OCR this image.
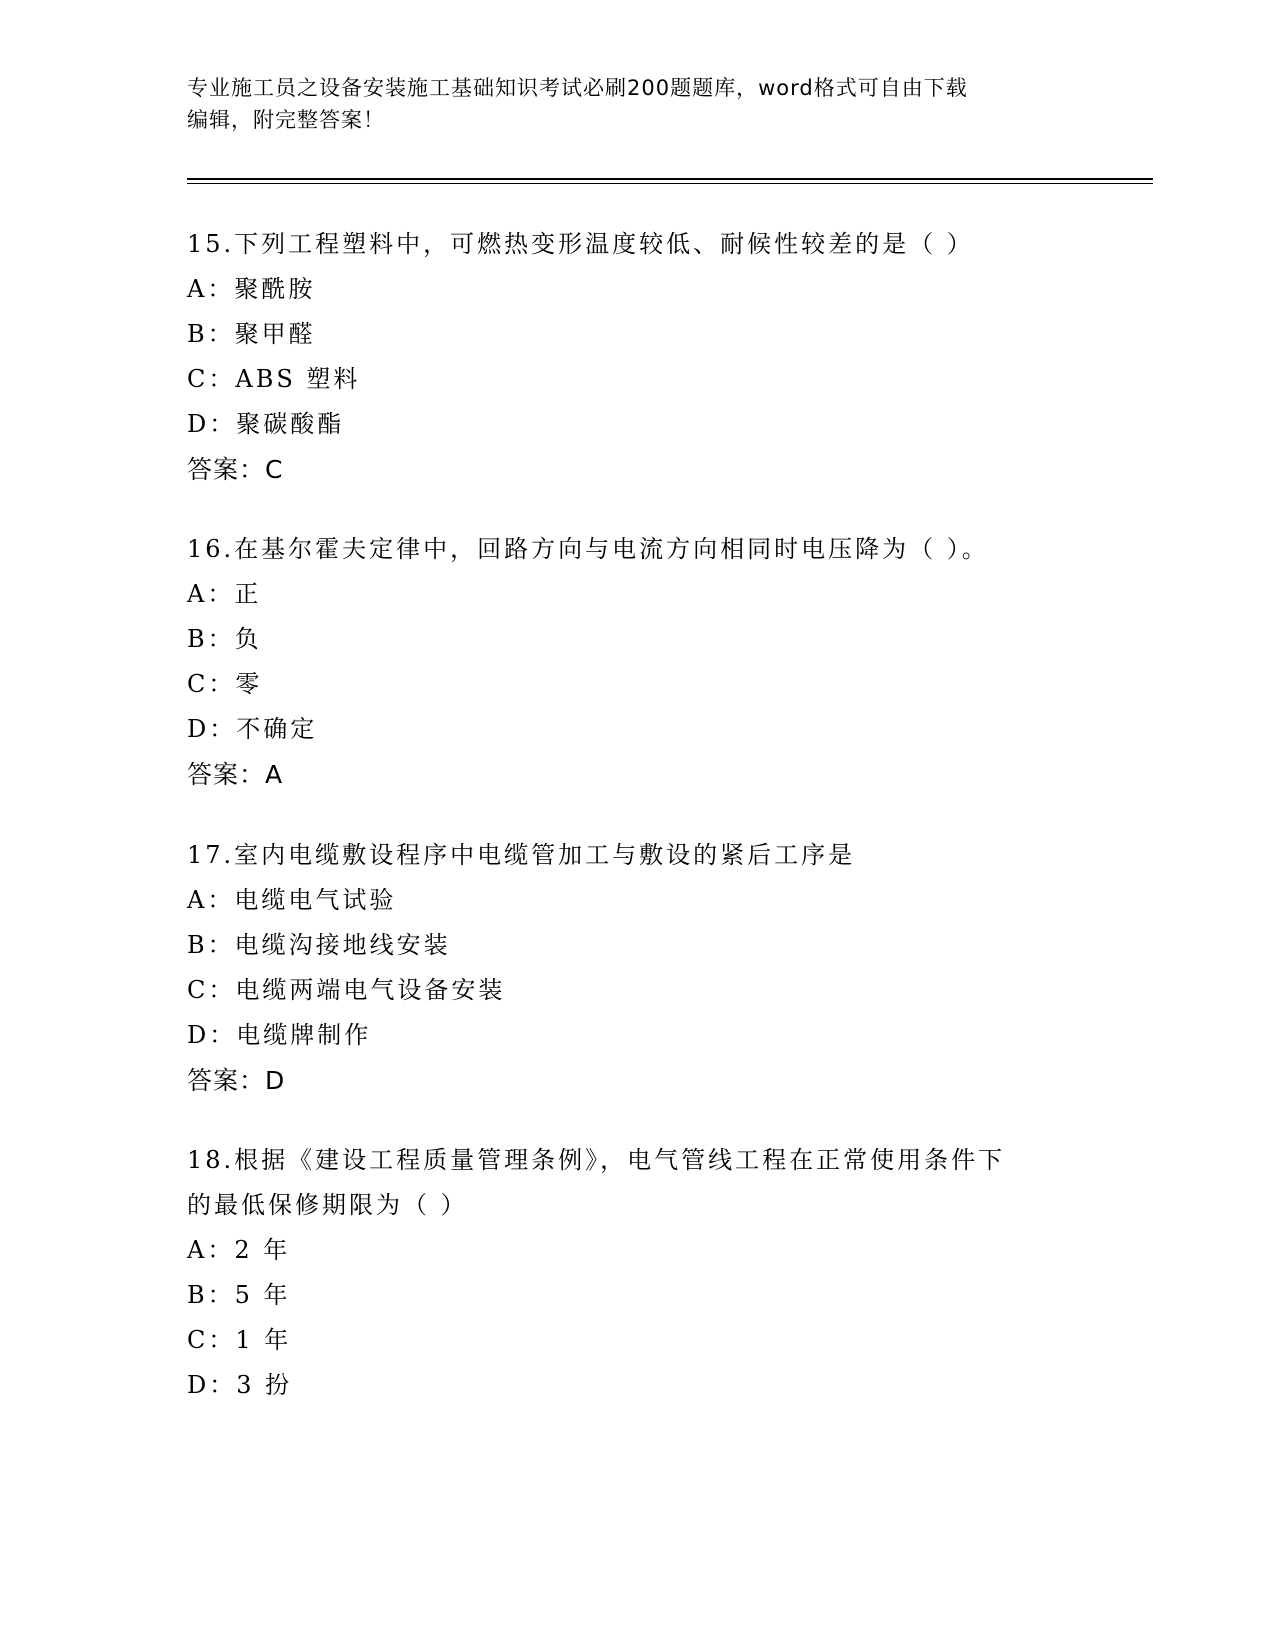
专业施工员之设备安装施工基础知识考试必刷200题题库，word格式可自由下载
编辑，附完整答案！
15.下列工程塑料中，可燃热变形温度较低、耐候性较差的是（ ）
A：聚酰胺
B：聚甲醛
C：ABS 塑料
D：聚碳酸酯
答案：C
16.在基尔霍夫定律中，回路方向与电流方向相同时电压降为（ ）。
A：正
B：负
C：零
D：不确定
答案：A
17.室内电缆敷设程序中电缆管加工与敷设的紧后工序是
A：电缆电气试验
B：电缆沟接地线安装
C：电缆两端电气设备安装
D：电缆牌制作
答案：D
18.根据《建设工程质量管理条例》，电气管线工程在正常使用条件下
的最低保修期限为（ ）
A：2 年
B：5 年
C：1 年
D：3 扮
